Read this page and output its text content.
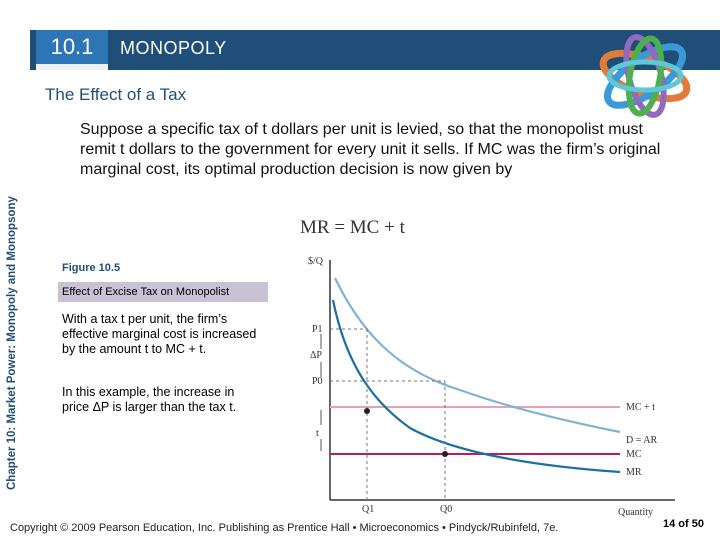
10.1	MONOPOLY
The Effect of a Tax
Chapter 10: Market Power: Monopoly and Monopsony
Suppose a specific tax of t dollars per unit is levied, so that the monopolist must remit t dollars to the government for every unit it sells. If MC was the firm’s original marginal cost, its optimal production decision is now given by
MR = MC + t
Figure 10.5
Effect of Excise Tax on Monopolist
With a tax t per unit, the firm’s effective marginal cost is increased by the amount t to MC + t.
In this example, the increase in price ΔP is larger than the tax t.
$/Q
Quantity
P1
ΔP
P0
t
Q1	Q0
MC + t
D = AR
MC
MR
Copyright © 2009 Pearson Education, Inc. Publishing as Prentice Hall • Microeconomics • Pindyck/Rubinfeld, 7e.	14 of 50
